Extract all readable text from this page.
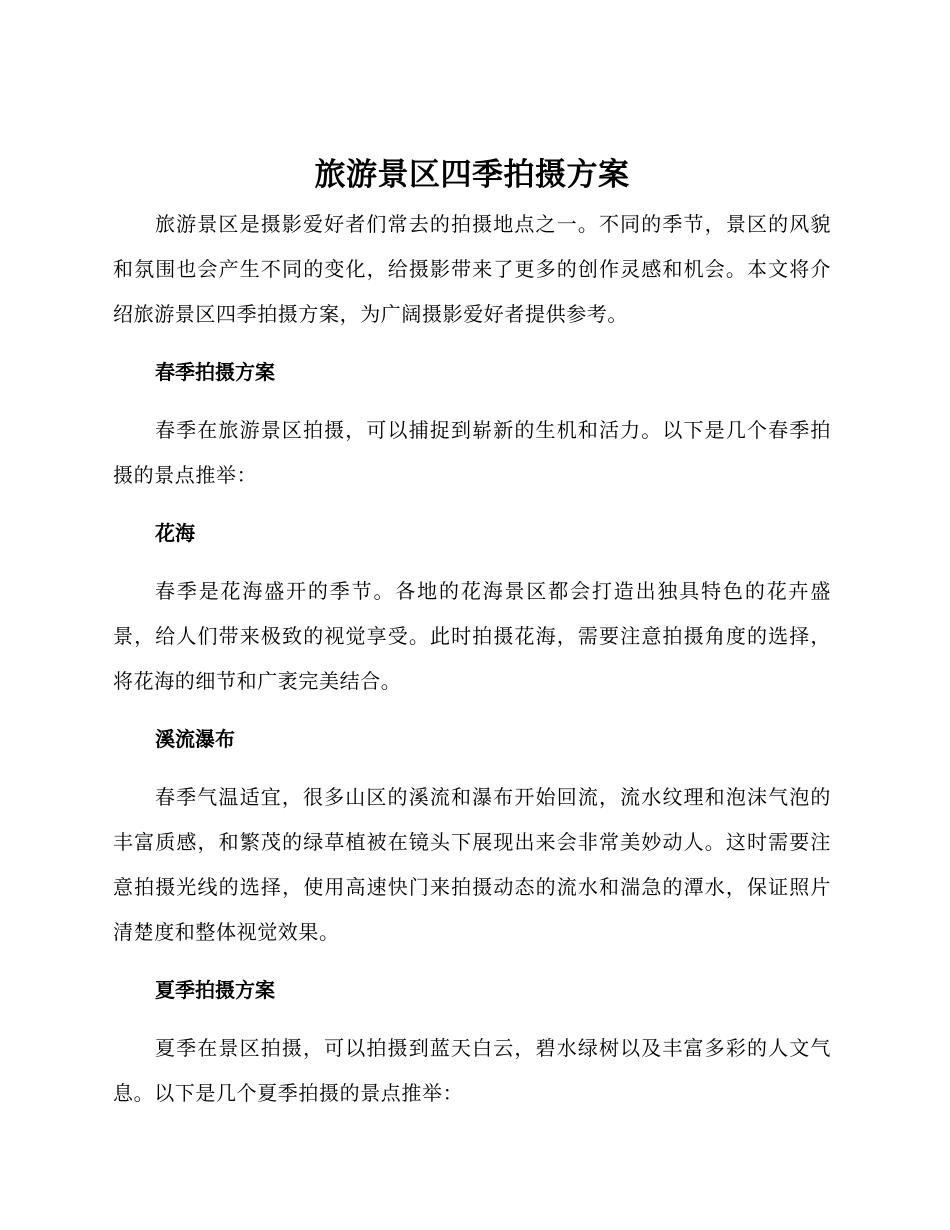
旅游景区四季拍摄方案

旅游景区是摄影爱好者们常去的拍摄地点之一。不同的季节，景区的风貌和氛围也会产生不同的变化，给摄影带来了更多的创作灵感和机会。本文将介绍旅游景区四季拍摄方案，为广阔摄影爱好者提供参考。

春季拍摄方案

春季在旅游景区拍摄，可以捕捉到崭新的生机和活力。以下是几个春季拍摄的景点推举：

花海

春季是花海盛开的季节。各地的花海景区都会打造出独具特色的花卉盛景，给人们带来极致的视觉享受。此时拍摄花海，需要注意拍摄角度的选择，将花海的细节和广袤完美结合。

溪流瀑布

春季气温适宜，很多山区的溪流和瀑布开始回流，流水纹理和泡沫气泡的丰富质感，和繁茂的绿草植被在镜头下展现出来会非常美妙动人。这时需要注意拍摄光线的选择，使用高速快门来拍摄动态的流水和湍急的潭水，保证照片清楚度和整体视觉效果。

夏季拍摄方案

夏季在景区拍摄，可以拍摄到蓝天白云，碧水绿树以及丰富多彩的人文气息。以下是几个夏季拍摄的景点推举：
